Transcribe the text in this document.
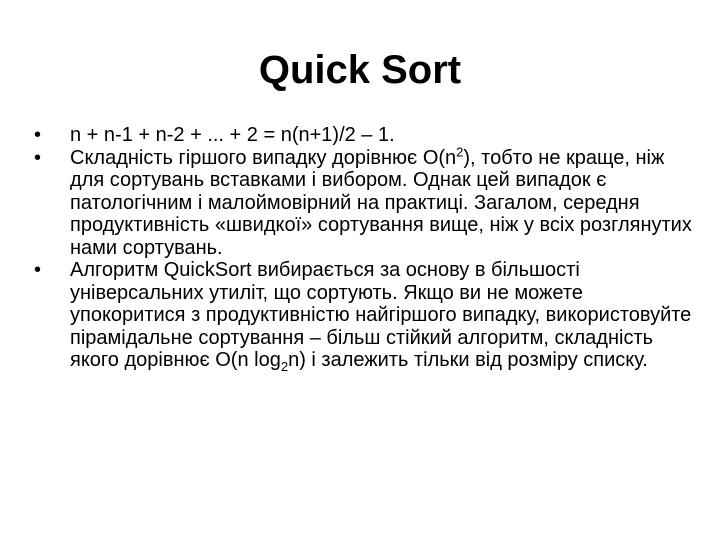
Quick Sort
•	n + n-1 + n-2 + ... + 2 = n(n+1)/2 – 1.
•	Складність гіршого випадку дорівнює $O(n^2)$, тобто не краще, ніж для сортувань вставками і вибором. Однак цей випадок є патологічним і малоймовірний на практиці. Загалом, середня продуктивність «швидкої» сортування вище, ніж у всіх розглянутих нами сортувань.
•	Алгоритм QuickSort вибирається за основу в більшості універсальних утиліт, що сортують. Якщо ви не можете упокоритися з продуктивністю найгіршого випадку, використовуйте пірамідальне сортування – більш стійкий алгоритм, складність якого дорівнює O(n $\log_2n$) і залежить тільки від розміру списку.
